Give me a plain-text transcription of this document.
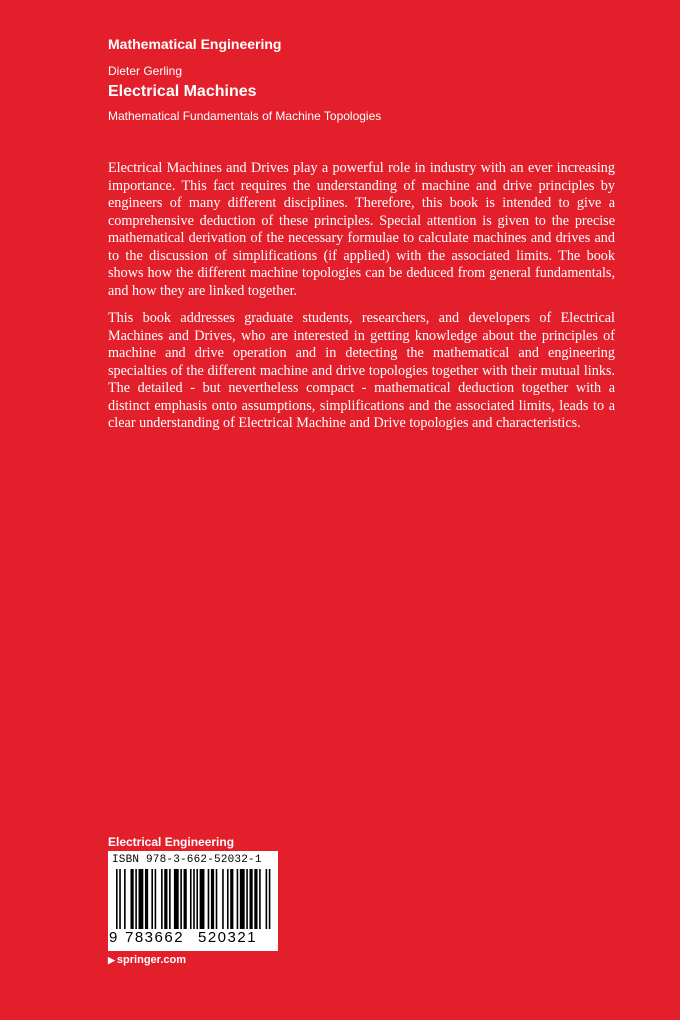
Mathematical Engineering
Dieter Gerling
Electrical Machines
Mathematical Fundamentals of Machine Topologies

Electrical Machines and Drives play a powerful role in industry with an ever increasing importance. This fact requires the understanding of machine and drive principles by engineers of many different disciplines. Therefore, this book is intended to give a comprehensive deduction of these principles. Special attention is given to the precise mathematical derivation of the necessary formulae to calculate machines and drives and to the discussion of simplifications (if applied) with the associated limits. The book shows how the different machine topologies can be deduced from general fundamentals, and how they are linked together.

This book addresses graduate students, researchers, and developers of Electrical Machines and Drives, who are interested in getting knowledge about the principles of machine and drive operation and in detecting the mathematical and engineering specialties of the different machine and drive topologies together with their mutual links. The detailed - but nevertheless compact - mathematical deduction together with a distinct emphasis onto assumptions, simplifications and the associated limits, leads to a clear understanding of Electrical Machine and Drive topologies and characteristics.

Electrical Engineering
ISBN 978-3-662-52032-1
9 783662 520321
▶ springer.com
